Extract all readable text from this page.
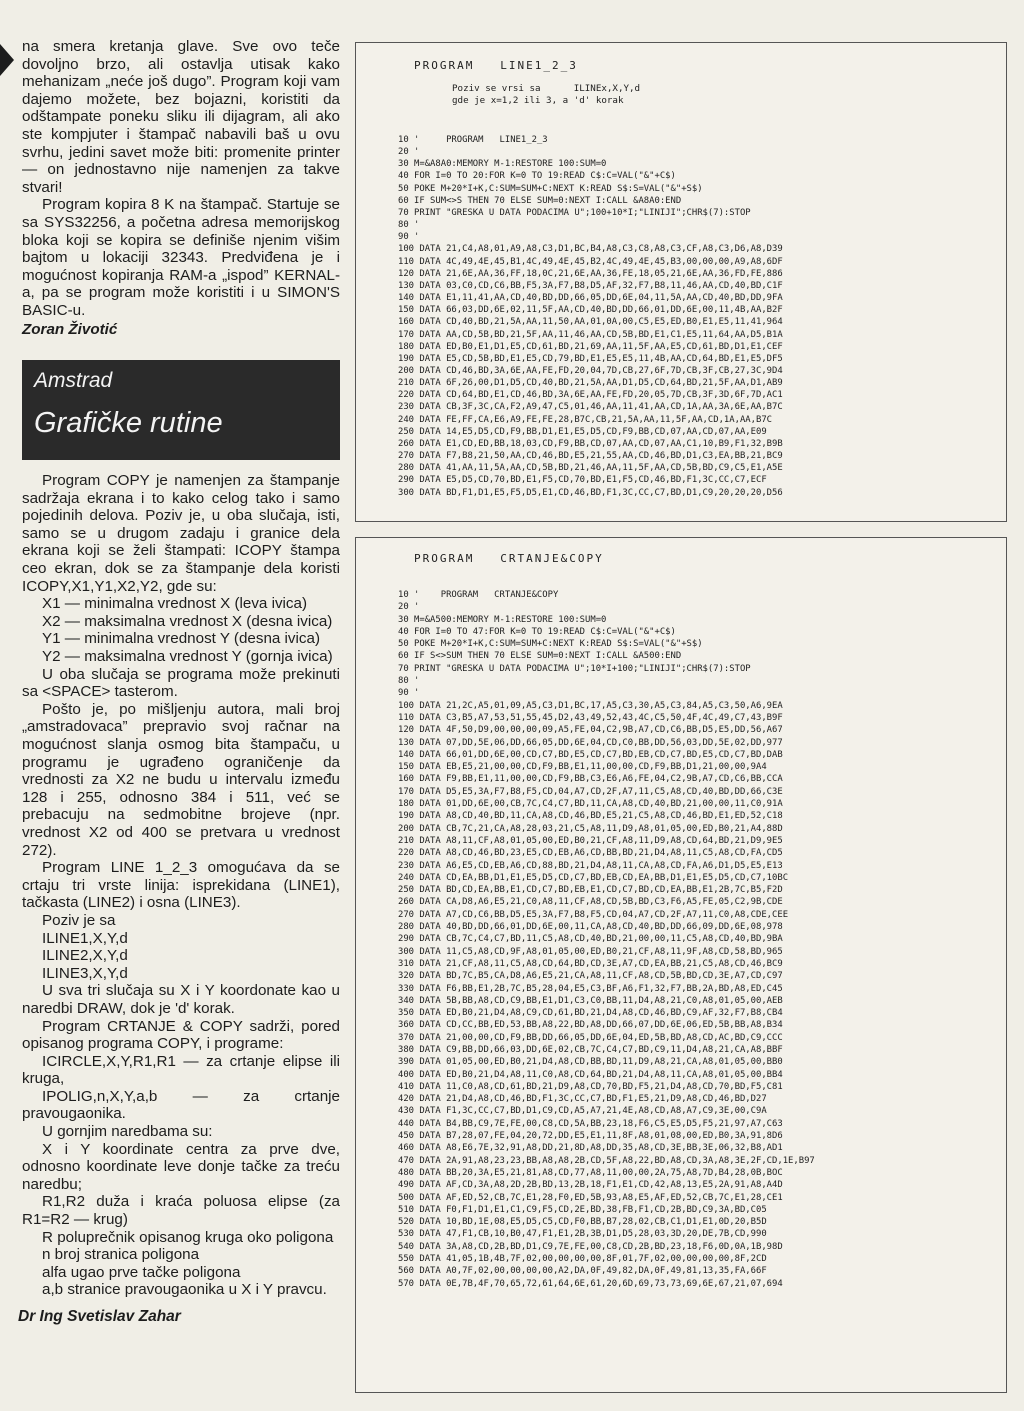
na smera kretanja glave. Sve ovo teče dovoljno brzo, ali ostavlja utisak kako mehanizam „neće još dugo”. Program koji vam dajemo možete, bez bojazni, koristiti da odštampate poneku sliku ili dijagram, ali ako ste kompjuter i štampač nabavili baš u ovu svrhu, jedini savet može biti: promenite printer — on jednostavno nije namenjen za takve stvari!

Program kopira 8 K na štampač. Startuje se sa SYS32256, a početna adresa memorijskog bloka koji se kopira se definiše njenim višim bajtom u lokaciji 32343. Predviđena je i mogućnost kopiranja RAM-a „ispod” KERNAL-a, pa se program može koristiti i u SIMON'S BASIC-u.

Zoran Životić

Amstrad
Grafičke rutine

Program COPY je namenjen za štampanje sadržaja ekrana i to kako celog tako i samo pojedinih delova. Poziv je, u oba slučaja, isti, samo se u drugom zadaju i granice dela ekrana koji se želi štampati: ICOPY štampa ceo ekran, dok se za štampanje dela koristi ICOPY,X1,Y1,X2,Y2, gde su:

X1 — minimalna vrednost X (leva ivica)

X2 — maksimalna vrednost X (desna ivica)

Y1 — minimalna vrednost Y (desna ivica)

Y2 — maksimalna vrednost Y (gornja ivica)

U oba slučaja se programa može prekinuti sa <SPACE> tasterom.

Pošto je, po mišljenju autora, mali broj „amstradovaca” prepravio svoj račnar na mogućnost slanja osmog bita štampaču, u programu je ugrađeno ograničenje da vrednosti za X2 ne budu u intervalu između 128 i 255, odnosno 384 i 511, već se prebacuju na sedmobitne brojeve (npr. vrednost X2 od 400 se pretvara u vrednost 272).

Program LINE 1_2_3 omogućava da se crtaju tri vrste linija: isprekidana (LINE1), tačkasta (LINE2) i osna (LINE3).

Poziv je sa

ILINE1,X,Y,d

ILINE2,X,Y,d

ILINE3,X,Y,d

U sva tri slučaja su X i Y koordonate kao u naredbi DRAW, dok je 'd' korak.

Program CRTANJE & COPY sadrži, pored opisanog programa COPY, i programe:

ICIRCLE,X,Y,R1,R1 — za crtanje elipse ili kruga,

IPOLIG,n,X,Y,a,b — za crtanje pravougaonika.

U gornjim naredbama su:

X i Y koordinate centra za prve dve, odnosno koordinate leve donje tačke za treću naredbu;

R1,R2 duža i kraća poluosa elipse (za R1=R2 — krug)

R poluprečnik opisanog kruga oko poligona

n broj stranica poligona

alfa ugao prve tačke poligona

a,b stranice pravougaonika u X i Y pravcu.

Dr Ing Svetislav Zahar
PROGRAM   LINE1_2_3
Poziv se vrsi sa      ILINEx,X,Y,d
gde je x=1,2 ili 3, a 'd' korak
10 '     PROGRAM   LINE1_2_3
20 '
30 M=&A8A0:MEMORY M-1:RESTORE 100:SUM=0
40 FOR I=0 TO 20:FOR K=0 TO 19:READ C$:C=VAL("&"+C$)
50 POKE M+20*I+K,C:SUM=SUM+C:NEXT K:READ S$:S=VAL("&"+S$)
60 IF SUM<>S THEN 70 ELSE SUM=0:NEXT I:CALL &A8A0:END
70 PRINT "GRESKA U DATA PODACIMA U";100+10*I;"LINIJI";CHR$(7):STOP
80 '
90 '
100 DATA 21,C4,A8,01,A9,A8,C3,D1,BC,B4,A8,C3,C8,A8,C3,CF,A8,C3,D6,A8,D39
110 DATA 4C,49,4E,45,B1,4C,49,4E,45,B2,4C,49,4E,45,B3,00,00,00,A9,A8,6DF
120 DATA 21,6E,AA,36,FF,18,0C,21,6E,AA,36,FE,18,05,21,6E,AA,36,FD,FE,886
130 DATA 03,C0,CD,C6,BB,F5,3A,F7,B8,D5,AF,32,F7,B8,11,46,AA,CD,40,BD,C1F
140 DATA E1,11,41,AA,CD,40,BD,DD,66,05,DD,6E,04,11,5A,AA,CD,40,BD,DD,9FA
150 DATA 66,03,DD,6E,02,11,5F,AA,CD,40,BD,DD,66,01,DD,6E,00,11,4B,AA,B2F
160 DATA CD,40,BD,21,5A,AA,11,50,AA,01,0A,00,C5,E5,ED,B0,E1,E5,11,41,964
170 DATA AA,CD,5B,BD,21,5F,AA,11,46,AA,CD,5B,BD,E1,C1,E5,11,64,AA,D5,B1A
180 DATA ED,B0,E1,D1,E5,CD,61,BD,21,69,AA,11,5F,AA,E5,CD,61,BD,D1,E1,CEF
190 DATA E5,CD,5B,BD,E1,E5,CD,79,BD,E1,E5,E5,11,4B,AA,CD,64,BD,E1,E5,DF5
200 DATA CD,46,BD,3A,6E,AA,FE,FD,20,04,7D,CB,27,6F,7D,CB,3F,CB,27,3C,9D4
210 DATA 6F,26,00,D1,D5,CD,40,BD,21,5A,AA,D1,D5,CD,64,BD,21,5F,AA,D1,AB9
220 DATA CD,64,BD,E1,CD,46,BD,3A,6E,AA,FE,FD,20,05,7D,CB,3F,3D,6F,7D,AC1
230 DATA CB,3F,3C,CA,F2,A9,47,C5,01,46,AA,11,41,AA,CD,1A,AA,3A,6E,AA,B7C
240 DATA FE,FF,CA,E6,A9,FE,FE,28,B7C,CB,21,5A,AA,11,5F,AA,CD,1A,AA,B7C
250 DATA 14,E5,D5,CD,F9,BB,D1,E1,E5,D5,CD,F9,BB,CD,07,AA,CD,07,AA,E09
260 DATA E1,CD,ED,BB,18,03,CD,F9,BB,CD,07,AA,CD,07,AA,C1,10,B9,F1,32,B9B
270 DATA F7,B8,21,50,AA,CD,46,BD,E5,21,55,AA,CD,46,BD,D1,C3,EA,BB,21,BC9
280 DATA 41,AA,11,5A,AA,CD,5B,BD,21,46,AA,11,5F,AA,CD,5B,BD,C9,C5,E1,A5E
290 DATA E5,D5,CD,70,BD,E1,F5,CD,70,BD,E1,F5,CD,46,BD,F1,3C,CC,C7,ECF
300 DATA BD,F1,D1,E5,F5,D5,E1,CD,46,BD,F1,3C,CC,C7,BD,D1,C9,20,20,20,D56
PROGRAM   CRTANJE&COPY
10 '    PROGRAM   CRTANJE&COPY
20 '
30 M=&A500:MEMORY M-1:RESTORE 100:SUM=0
40 FOR I=0 TO 47:FOR K=0 TO 19:READ C$:C=VAL("&"+C$)
50 POKE M+20*I+K,C:SUM=SUM+C:NEXT K:READ S$:S=VAL("&"+S$)
60 IF S<>SUM THEN 70 ELSE SUM=0:NEXT I:CALL &A500:END
70 PRINT "GRESKA U DATA PODACIMA U";10*I+100;"LINIJI";CHR$(7):STOP
80 '
90 '
100 DATA 21,2C,A5,01,09,A5,C3,D1,BC,17,A5,C3,30,A5,C3,84,A5,C3,50,A6,9EA
110 DATA C3,B5,A7,53,51,55,45,D2,43,49,52,43,4C,C5,50,4F,4C,49,C7,43,B9F
120 DATA 4F,50,D9,00,00,00,09,A5,FE,04,C2,9B,A7,CD,C6,BB,D5,E5,DD,56,A67
130 DATA 07,DD,5E,06,DD,66,05,DD,6E,04,CD,C0,BB,DD,56,03,DD,5E,02,DD,977
140 DATA 66,01,DD,6E,00,CD,C7,BD,E5,CD,C7,BD,EB,CD,C7,BD,E5,CD,C7,BD,DAB
150 DATA EB,E5,21,00,00,CD,F9,BB,E1,11,00,00,CD,F9,BB,D1,21,00,00,9A4
160 DATA F9,BB,E1,11,00,00,CD,F9,BB,C3,E6,A6,FE,04,C2,9B,A7,CD,C6,BB,CCA
170 DATA D5,E5,3A,F7,B8,F5,CD,04,A7,CD,2F,A7,11,C5,A8,CD,40,BD,DD,66,C3E
180 DATA 01,DD,6E,00,CB,7C,C4,C7,BD,11,CA,A8,CD,40,BD,21,00,00,11,C0,91A
190 DATA A8,CD,40,BD,11,CA,A8,CD,46,BD,E5,21,C5,A8,CD,46,BD,E1,ED,52,C18
200 DATA CB,7C,21,CA,A8,28,03,21,C5,A8,11,D9,A8,01,05,00,ED,B0,21,A4,88D
210 DATA A8,11,CF,A8,01,05,00,ED,B0,21,CF,A8,11,D9,A8,CD,64,BD,21,D9,9E5
220 DATA A8,CD,46,BD,23,E5,CD,EB,A6,CD,BB,BD,21,D4,A8,11,C5,A8,CD,FA,CD5
230 DATA A6,E5,CD,EB,A6,CD,88,BD,21,D4,A8,11,CA,A8,CD,FA,A6,D1,D5,E5,E13
240 DATA CD,EA,BB,D1,E1,E5,D5,CD,C7,BD,EB,CD,EA,BB,D1,E1,E5,D5,CD,C7,10BC
250 DATA BD,CD,EA,BB,E1,CD,C7,BD,EB,E1,CD,C7,BD,CD,EA,BB,E1,2B,7C,B5,F2D
260 DATA CA,D8,A6,E5,21,C0,A8,11,CF,A8,CD,5B,BD,C3,F6,A5,FE,05,C2,9B,CDE
270 DATA A7,CD,C6,BB,D5,E5,3A,F7,B8,F5,CD,04,A7,CD,2F,A7,11,C0,A8,CDE,CEE
280 DATA 40,BD,DD,66,01,DD,6E,00,11,CA,A8,CD,40,BD,DD,66,09,DD,6E,08,978
290 DATA CB,7C,C4,C7,BD,11,C5,A8,CD,40,BD,21,00,00,11,C5,A8,CD,40,BD,9BA
300 DATA 11,C5,A8,CD,9F,A8,01,05,00,ED,B0,21,CF,A8,11,9F,A8,CD,58,BD,965
310 DATA 21,CF,A8,11,C5,A8,CD,64,BD,CD,3E,A7,CD,EA,BB,21,C5,A8,CD,46,BC9
320 DATA BD,7C,B5,CA,D8,A6,E5,21,CA,A8,11,CF,A8,CD,5B,BD,CD,3E,A7,CD,C97
330 DATA F6,BB,E1,2B,7C,B5,28,04,E5,C3,BF,A6,F1,32,F7,BB,2A,BD,A8,ED,C45
340 DATA 5B,BB,A8,CD,C9,BB,E1,D1,C3,C0,BB,11,D4,A8,21,C0,A8,01,05,00,AEB
350 DATA ED,B0,21,D4,A8,C9,CD,61,BD,21,D4,A8,CD,46,BD,C9,AF,32,F7,B8,CB4
360 DATA CD,CC,BB,ED,53,BB,A8,22,BD,A8,DD,66,07,DD,6E,06,ED,5B,BB,A8,B34
370 DATA 21,00,00,CD,F9,BB,DD,66,05,DD,6E,04,ED,5B,BD,A8,CD,AC,BD,C9,CCC
380 DATA C9,BB,DD,66,03,DD,6E,02,CB,7C,C4,C7,BD,C9,11,D4,A8,21,CA,A8,BBF
390 DATA 01,05,00,ED,B0,21,D4,A8,CD,BB,BD,11,D9,A8,21,CA,A8,01,05,00,BB0
400 DATA ED,B0,21,D4,A8,11,C0,A8,CD,64,BD,21,D4,A8,11,CA,A8,01,05,00,BB4
410 DATA 11,C0,A8,CD,61,BD,21,D9,A8,CD,70,BD,F5,21,D4,A8,CD,70,BD,F5,C81
420 DATA 21,D4,A8,CD,46,BD,F1,3C,CC,C7,BD,F1,E5,21,D9,A8,CD,46,BD,D27
430 DATA F1,3C,CC,C7,BD,D1,C9,CD,A5,A7,21,4E,A8,CD,A8,A7,C9,3E,00,C9A
440 DATA B4,BB,C9,7E,FE,00,C8,CD,5A,BB,23,18,F6,C5,E5,D5,F5,21,97,A7,C63
450 DATA B7,28,07,FE,04,20,72,DD,E5,E1,11,8F,A8,01,08,00,ED,B0,3A,91,8D6
460 DATA A8,E6,7E,32,91,A8,DD,21,8D,A8,DD,35,A8,CD,3E,BB,3E,06,32,B8,AD1
470 DATA 2A,91,A8,23,23,BB,A8,A8,2B,CD,5F,A8,22,BD,A8,CD,3A,A8,3E,2F,CD,1E,B97
480 DATA BB,20,3A,E5,21,81,A8,CD,77,A8,11,00,00,2A,75,A8,7D,B4,28,0B,BOC
490 DATA AF,CD,3A,A8,2D,2B,BD,13,2B,18,F1,E1,CD,42,A8,13,E5,2A,91,A8,A4D
500 DATA AF,ED,52,CB,7C,E1,28,F0,ED,5B,93,A8,E5,AF,ED,52,CB,7C,E1,28,CE1
510 DATA F0,F1,D1,E1,C1,C9,F5,CD,2E,BD,38,FB,F1,CD,2B,BD,C9,3A,BD,C05
520 DATA 10,BD,1E,08,E5,D5,C5,CD,F0,BB,B7,28,02,CB,C1,D1,E1,0D,20,B5D
530 DATA 47,F1,CB,10,B0,47,F1,E1,2B,3B,D1,D5,28,03,3D,20,DE,7B,CD,990
540 DATA 3A,A8,CD,2B,BD,D1,C9,7E,FE,00,C8,CD,2B,BD,23,18,F6,0D,0A,1B,98D
550 DATA 41,05,1B,4B,7F,02,00,00,00,00,8F,01,7F,02,00,00,00,00,8F,2CD
560 DATA A0,7F,02,00,00,00,00,A2,DA,0F,49,82,DA,0F,49,81,13,35,FA,66F
570 DATA 0E,7B,4F,70,65,72,61,64,6E,61,20,6D,69,73,73,69,6E,67,21,07,694
